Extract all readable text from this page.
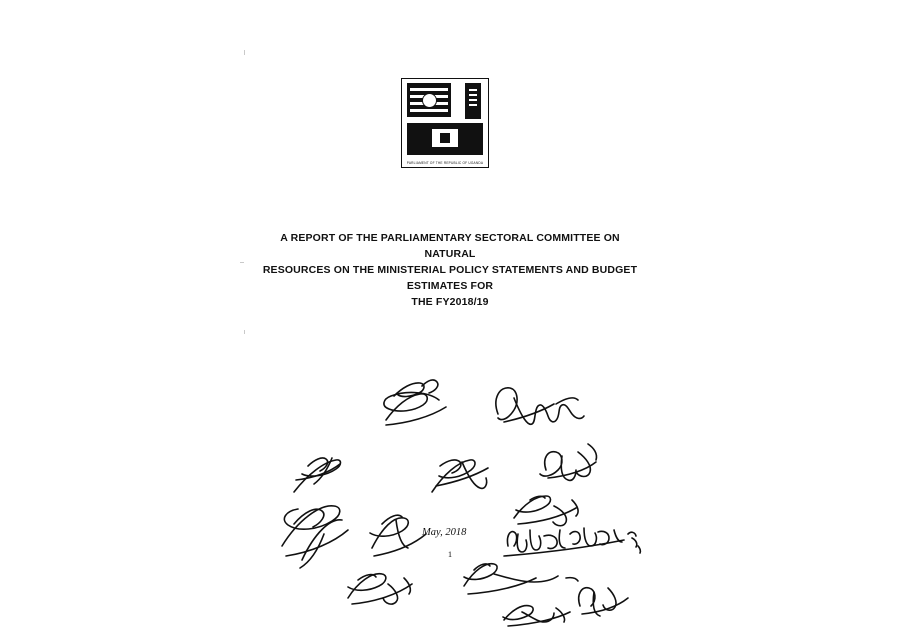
PARLIAMENT OF THE REPUBLIC OF UGANDA
A REPORT OF THE PARLIAMENTARY SECTORAL COMMITTEE ON NATURAL
RESOURCES ON THE MINISTERIAL POLICY STATEMENTS AND BUDGET ESTIMATES FOR
THE FY2018/19
May, 2018
1
